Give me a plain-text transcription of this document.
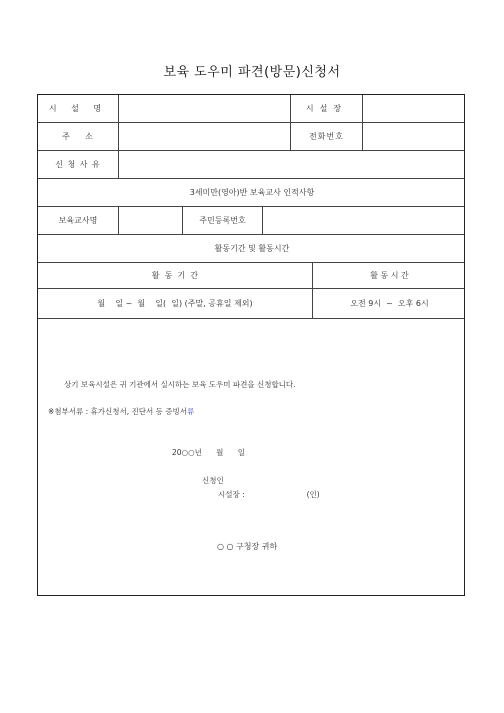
보육 도우미 파견(방문)신청서
시 설 명	시설장
주    소	전화번호
신 청 사 유
3세미만(영아)반 보육교사 인적사항
보육교사명	주민등록번호
활동기간 및 활동시간
활  동  기  간	활 동 시 간
월    일 ~  월    일(  일) (주말, 공휴일 제외)	오전 9시  ~  오후 6시
상기 보육시설은 귀 기관에서 실시하는 보육 도우미 파견을 신청합니다.
※첨부서류 : 휴가신청서, 진단서 등 증빙서류
20○○년      월      일
신청인
시설장 :                          (인)
○ ○ 구청장 귀하
